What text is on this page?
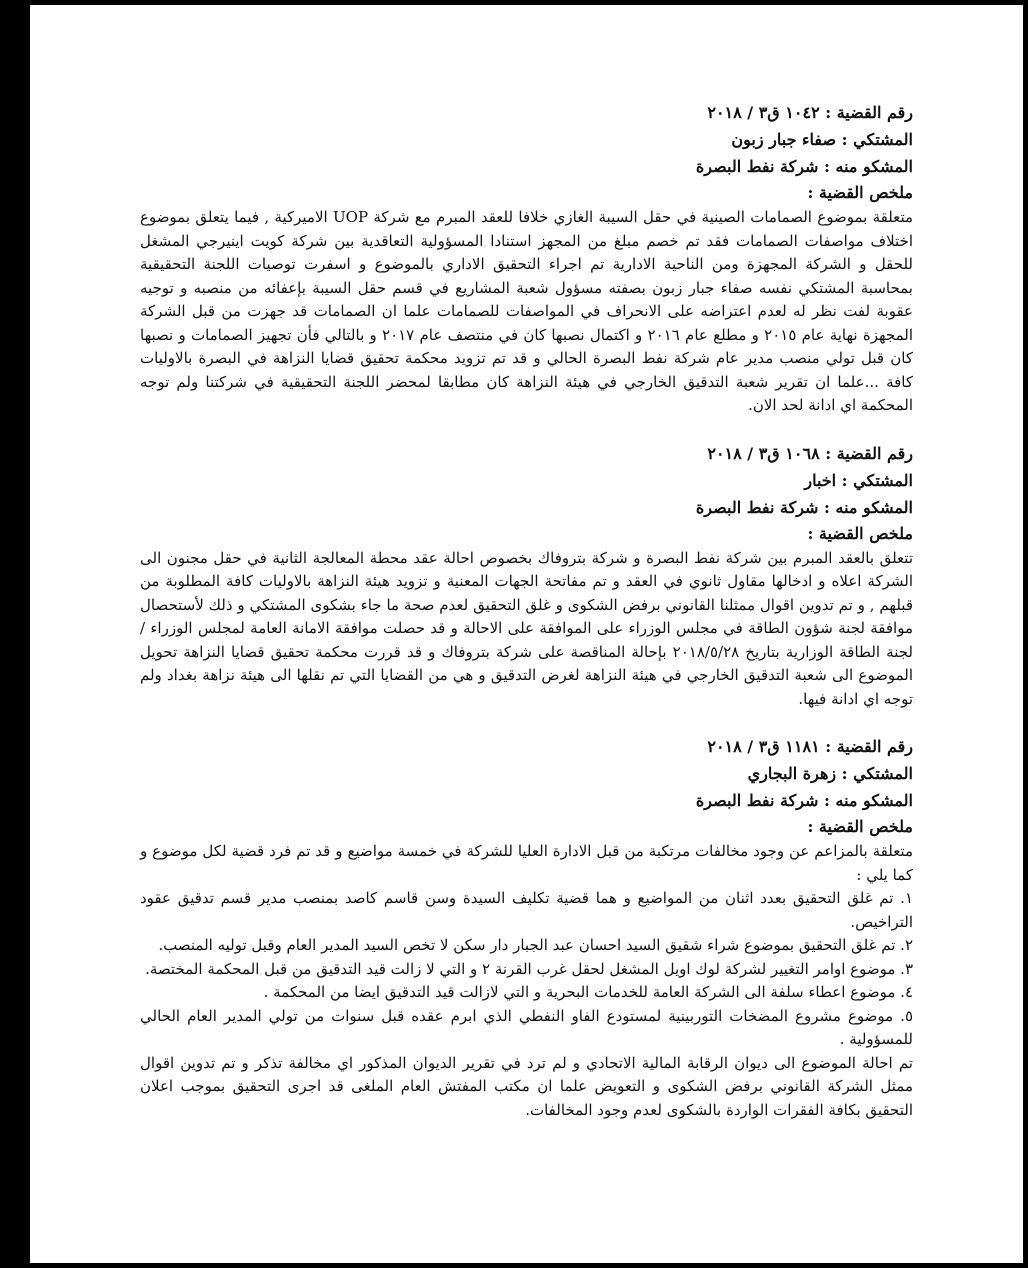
رقم القضية : ١٠٤٢ ق٣ / ٢٠١٨
المشتكي : صفاء جبار زبون
المشكو منه : شركة نفط البصرة
ملخص القضية :

متعلقة بموضوع الصمامات الصينية في حقل السيبة الغازي خلافا للعقد المبرم مع شركة UOP الاميركية , فيما يتعلق بموضوع اختلاف مواصفات الصمامات فقد تم خصم مبلغ من المجهز استنادا المسؤولية التعاقدية بين شركة كويت اينيرجي المشغل للحقل و الشركة المجهزة ومن الناحية الادارية تم اجراء التحقيق الاداري بالموضوع و اسفرت توصيات اللجنة التحقيقية بمحاسبة المشتكي نفسه صفاء جبار زبون بصفته مسؤول شعبة المشاريع في قسم حقل السيبة بإعفائه من منصبه و توجيه عقوبة لفت نظر له لعدم اعتراضه على الانحراف في المواصفات للصمامات علما ان الصمامات قد جهزت من قبل الشركة المجهزة نهاية عام ٢٠١٥ و مطلع عام ٢٠١٦ و اكتمال نصبها كان في منتصف عام ٢٠١٧ و بالتالي فأن تجهيز الصمامات و نصبها كان قبل تولي منصب مدير عام شركة نفط البصرة الحالي و قد تم تزويد محكمة تحقيق قضايا النزاهة في البصرة بالاوليات كافة ...علما ان تقرير شعبة التدقيق الخارجي في هيئة النزاهة كان مطابقا لمحضر اللجنة التحقيقية في شركتنا ولم توجه المحكمة اي ادانة لحد الان.

رقم القضية : ١٠٦٨ ق٣ / ٢٠١٨
المشتكي : اخبار
المشكو منه : شركة نفط البصرة
ملخص القضية :

تتعلق بالعقد المبرم بين شركة نفط البصرة و شركة بتروفاك بخصوص احالة عقد محطة المعالجة الثانية في حقل مجنون الى الشركة اعلاه و ادخالها مقاول ثانوي في العقد و تم مفاتحة الجهات المعنية و تزويد هيئة النزاهة بالاوليات كافة المطلوبة من قبلهم , و تم تدوين اقوال ممثلنا القانوني برفض الشكوى و غلق التحقيق لعدم صحة ما جاء بشكوى المشتكي و ذلك لأستحصال موافقة لجنة شؤون الطاقة في مجلس الوزراء على الموافقة على الاحالة و قد حصلت موافقة الامانة العامة لمجلس الوزراء / لجنة الطاقة الوزارية بتاريخ ٢٠١٨/٥/٢٨ بإحالة المناقصة على شركة بتروفاك و قد قررت محكمة تحقيق قضايا النزاهة تحويل الموضوع الى شعبة التدقيق الخارجي في هيئة النزاهة لغرض التدقيق و هي من القضايا التي تم نقلها الى هيئة نزاهة بغداد ولم توجه اي ادانة فيها.

رقم القضية : ١١٨١ ق٣ / ٢٠١٨
المشتكي : زهرة البجاري
المشكو منه : شركة نفط البصرة
ملخص القضية :

متعلقة بالمزاعم عن وجود مخالفات مرتكبة من قبل الادارة العليا للشركة في خمسة مواضيع و قد تم فرد قضية لكل موضوع و كما يلي :

١. تم غلق التحقيق بعدد اثنان من المواضيع و هما قضية تكليف السيدة وسن قاسم كاصد بمنصب مدير قسم تدقيق عقود التراخيص.
٢. تم غلق التحقيق بموضوع شراء شقيق السيد احسان عبد الجبار دار سكن لا تخص السيد المدير العام وقبل توليه المنصب.
٣. موضوع اوامر التغيير لشركة لوك اويل المشغل لحقل غرب القرنة ٢ و التي لا زالت قيد التدقيق من قبل المحكمة المختصة.
٤. موضوع اعطاء سلفة الى الشركة العامة للخدمات البحرية و التي لازالت قيد التدقيق ايضا من المحكمة .
٥. موضوع مشروع المضخات التوربينية لمستودع الفاو النفطي الذي ابرم عقده قبل سنوات من تولي المدير العام الحالي للمسؤولية .

تم احالة الموضوع الى ديوان الرقابة المالية الاتحادي و لم ترد في تقرير الديوان المذكور اي مخالفة تذكر و تم تدوين اقوال ممثل الشركة القانوني برفض الشكوى و التعويض علما ان مكتب المفتش العام الملغى قد اجرى التحقيق بموجب اعلان التحقيق بكافة الفقرات الواردة بالشكوى لعدم وجود المخالفات.
